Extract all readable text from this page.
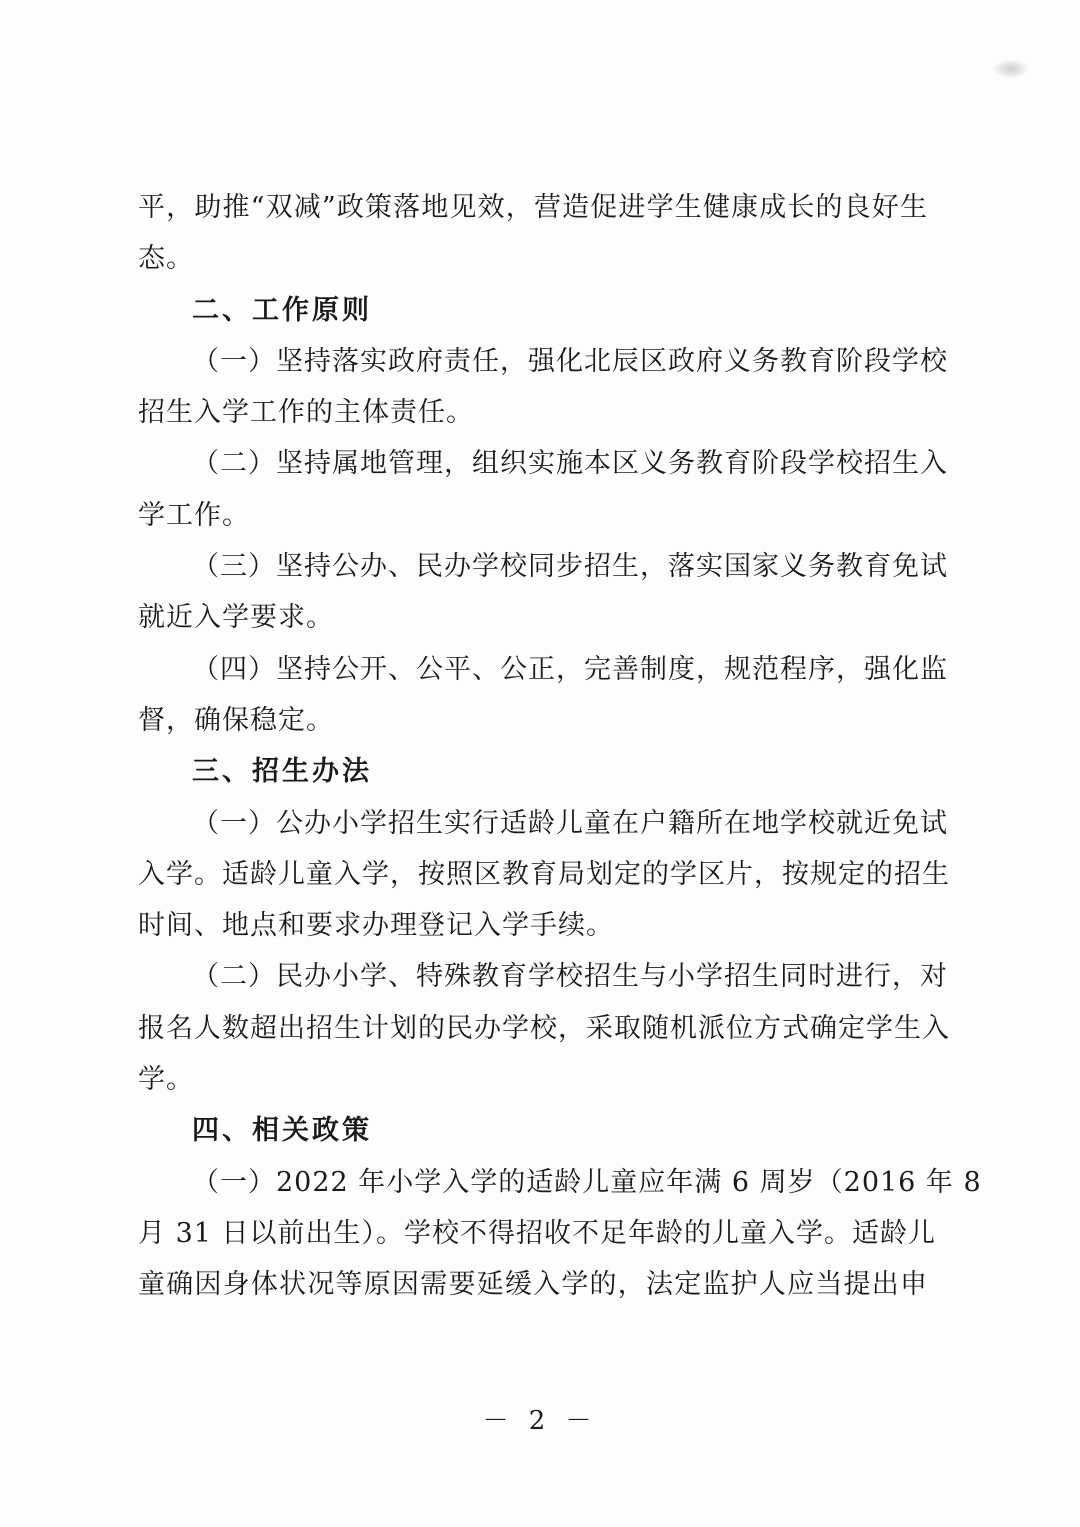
平，助推“双减”政策落地见效，营造促进学生健康成长的良好生
态。
二、工作原则
（一）坚持落实政府责任，强化北辰区政府义务教育阶段学校
招生入学工作的主体责任。
（二）坚持属地管理，组织实施本区义务教育阶段学校招生入
学工作。
（三）坚持公办、民办学校同步招生，落实国家义务教育免试
就近入学要求。
（四）坚持公开、公平、公正，完善制度，规范程序，强化监
督，确保稳定。
三、招生办法
（一）公办小学招生实行适龄儿童在户籍所在地学校就近免试
入学。适龄儿童入学，按照区教育局划定的学区片，按规定的招生
时间、地点和要求办理登记入学手续。
（二）民办小学、特殊教育学校招生与小学招生同时进行，对
报名人数超出招生计划的民办学校，采取随机派位方式确定学生入
学。
四、相关政策
（一）2022 年小学入学的适龄儿童应年满 6 周岁（2016 年 8
月 31 日以前出生）。学校不得招收不足年龄的儿童入学。适龄儿
童确因身体状况等原因需要延缓入学的，法定监护人应当提出申
－ 2 －
